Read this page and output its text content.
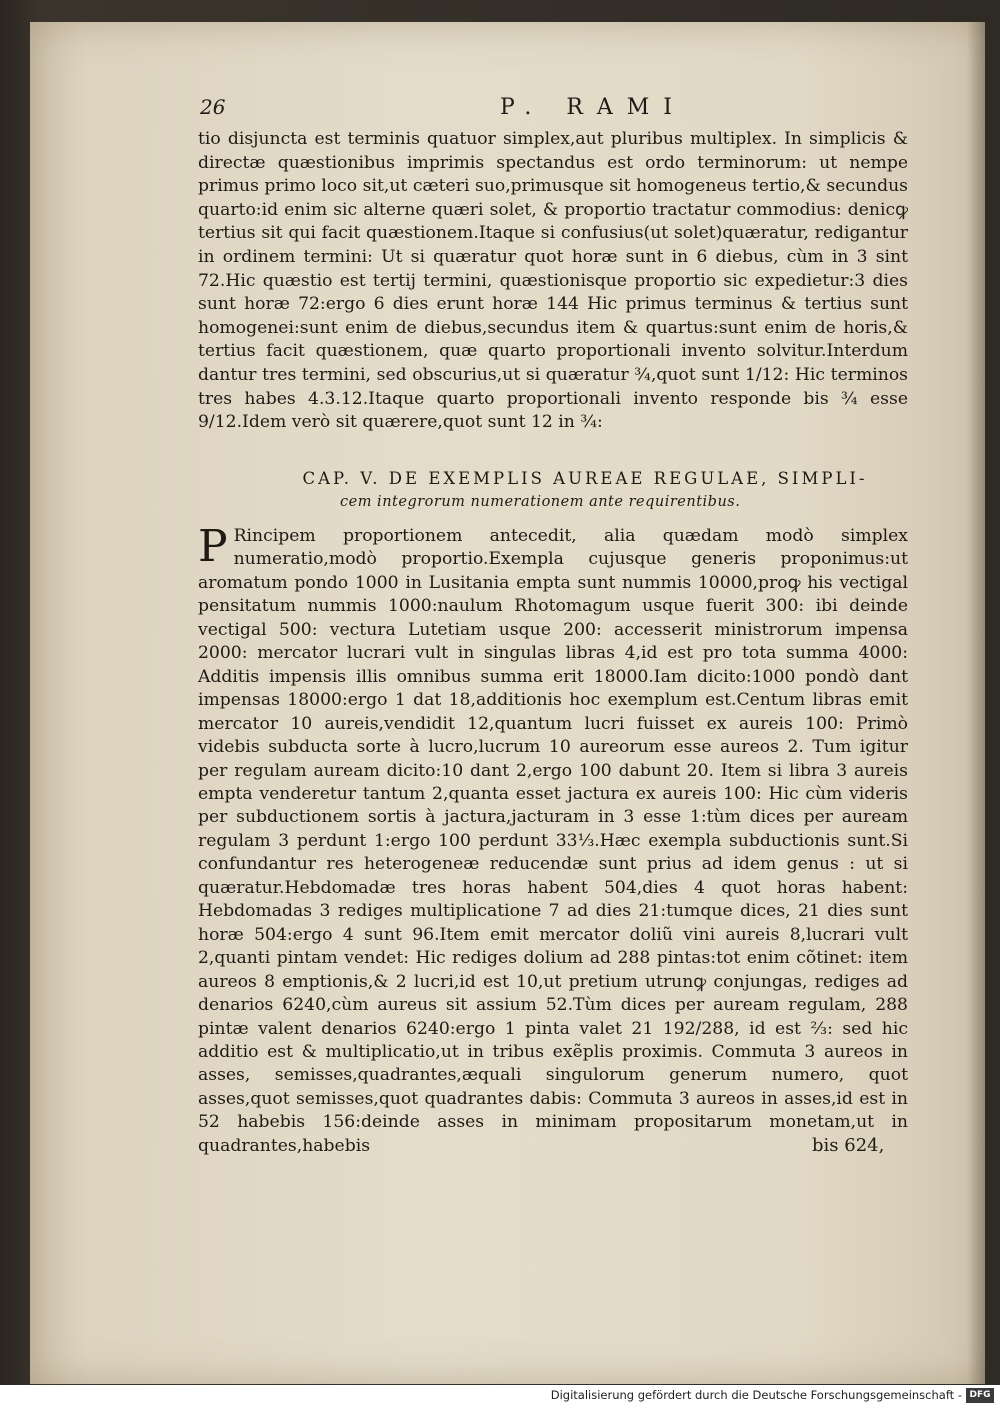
26	P. RAMI
tio disjuncta est terminis quatuor simplex,aut pluribus multiplex. In simplicis & directæ quæstionibus imprimis spectandus est ordo terminorum: ut nempe primus primo loco sit,ut cæteri suo,primusque sit homogeneus tertio,& secundus quarto:id enim sic alterne quæri solet, & proportio tractatur commodius: denicꝙ tertius sit qui facit quæstionem.Itaque si confusius(ut solet)quæratur, redigantur in ordinem termini: Ut si quæratur quot horæ sunt in 6 diebus, cùm in 3 sint 72.Hic quæstio est tertij termini, quæstionisque proportio sic expedietur:3 dies sunt horæ 72:ergo 6 dies erunt horæ 144 Hic primus terminus & tertius sunt homogenei:sunt enim de diebus,secundus item & quartus:sunt enim de horis,& tertius facit quæstionem, quæ quarto proportionali invento solvitur.Interdum dantur tres termini, sed obscurius,ut si quæratur ¾,quot sunt 1/12: Hic terminos tres habes 4.3.12.Itaque quarto proportionali invento responde bis ¾ esse 9/12.Idem verò sit quærere,quot sunt 12 in ¾:
CAP. V. DE EXEMPLIS AUREAE REGULAE, SIMPLI-
cem integrorum numerationem ante requirentibus.
P Rincipem proportionem antecedit, alia quædam modò simplex numeratio,modò proportio.Exempla cujusque generis proponimus:ut aromatum pondo 1000 in Lusitania empta sunt nummis 10000,proꝙ his vectigal pensitatum nummis 1000:naulum Rhotomagum usque fuerit 300: ibi deinde vectigal 500: vectura Lutetiam usque 200: accesserit ministrorum impensa 2000: mercator lucrari vult in singulas libras 4,id est pro tota summa 4000: Additis impensis illis omnibus summa erit 18000.Iam dicito:1000 pondò dant impensas 18000:ergo 1 dat 18,additionis hoc exemplum est.Centum libras emit mercator 10 aureis,vendidit 12,quantum lucri fuisset ex aureis 100: Primò videbis subducta sorte à lucro,lucrum 10 aureorum esse aureos 2. Tum igitur per regulam auream dicito:10 dant 2,ergo 100 dabunt 20. Item si libra 3 aureis empta venderetur tantum 2,quanta esset jactura ex aureis 100: Hic cùm videris per subductionem sortis à jactura,jacturam in 3 esse 1:tùm dices per auream regulam 3 perdunt 1:ergo 100 perdunt 33⅓.Hæc exempla subductionis sunt.Si confundantur res heterogeneæ reducendæ sunt prius ad idem genus : ut si quæratur.Hebdomadæ tres horas habent 504,dies 4 quot horas habent: Hebdomadas 3 rediges multiplicatione 7 ad dies 21:tumque dices, 21 dies sunt horæ 504:ergo 4 sunt 96.Item emit mercator doliũ vini aureis 8,lucrari vult 2,quanti pintam vendet: Hic rediges dolium ad 288 pintas:tot enim cõtinet: item aureos 8 emptionis,& 2 lucri,id est 10,ut pretium utrunꝙ conjungas, rediges ad denarios 6240,cùm aureus sit assium 52.Tùm dices per auream regulam, 288 pintæ valent denarios 6240:ergo 1 pinta valet 21 192/288, id est ⅔: sed hic additio est & multiplicatio,ut in tribus exẽplis proximis. Commuta 3 aureos in asses, semisses,quadrantes,æquali singulorum generum numero, quot asses,quot semisses,quot quadrantes dabis: Commuta 3 aureos in asses,id est in 52 habebis 156:deinde asses in minimam propositarum monetam,ut in quadrantes,habebis	bis 624,
Digitalisierung gefördert durch die Deutsche Forschungsgemeinschaft - DFG
